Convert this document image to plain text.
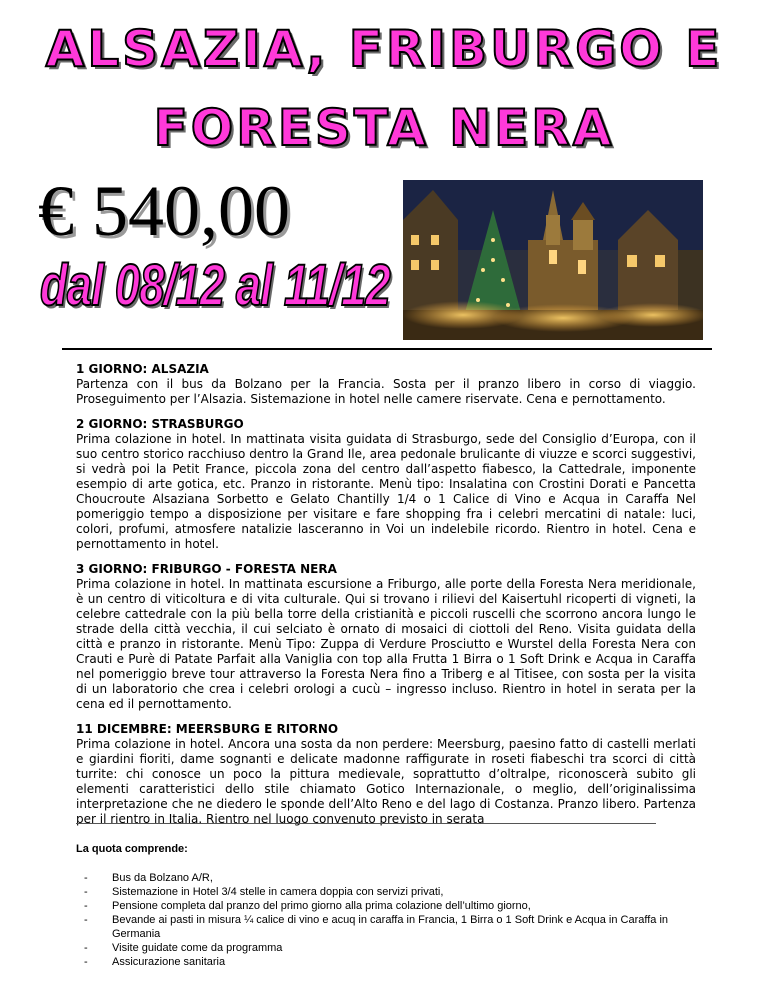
ALSAZIA, FRIBURGO E
FORESTA NERA
€ 540,00
dal 08/12 al 11/12
1 GIORNO: ALSAZIA

Partenza con il bus da Bolzano per la Francia. Sosta per il pranzo libero in corso di viaggio. Proseguimento per l’Alsazia. Sistemazione in hotel nelle camere riservate. Cena e pernottamento.

2 GIORNO: STRASBURGO

Prima colazione in hotel. In mattinata visita guidata di Strasburgo, sede del Consiglio d’Europa, con il suo centro storico racchiuso dentro la Grand Ile, area pedonale brulicante di viuzze e scorci suggestivi, si vedrà poi la Petit France, piccola zona del centro dall’aspetto fiabesco, la Cattedrale, imponente esempio di arte gotica, etc. Pranzo in ristorante. Menù tipo: Insalatina con Crostini Dorati e Pancetta Choucroute Alsaziana Sorbetto e Gelato Chantilly 1/4 o 1 Calice di Vino e Acqua in Caraffa Nel pomeriggio tempo a disposizione per visitare e fare shopping fra i celebri mercatini di natale: luci, colori, profumi, atmosfere natalizie lasceranno in Voi un indelebile ricordo. Rientro in hotel. Cena e pernottamento in hotel.

3 GIORNO: FRIBURGO - FORESTA NERA

Prima colazione in hotel. In mattinata escursione a Friburgo, alle porte della Foresta Nera meridionale, è un centro di viticoltura e di vita culturale. Qui si trovano i rilievi del Kaisertuhl ricoperti di vigneti, la celebre cattedrale con la più bella torre della cristianità e piccoli ruscelli che scorrono ancora lungo le strade della città vecchia, il cui selciato è ornato di mosaici di ciottoli del Reno. Visita guidata della città e pranzo in ristorante. Menù Tipo: Zuppa di Verdure Prosciutto e Wurstel della Foresta Nera con Crauti e Purè di Patate Parfait alla Vaniglia con top alla Frutta 1 Birra o 1 Soft Drink e Acqua in Caraffa nel pomeriggio breve tour attraverso la Foresta Nera fino a Triberg e al Titisee, con sosta per la visita di un laboratorio che crea i celebri orologi a cucù – ingresso incluso. Rientro in hotel in serata per la cena ed il pernottamento.

11 DICEMBRE: MEERSBURG E RITORNO

Prima colazione in hotel. Ancora una sosta da non perdere: Meersburg, paesino fatto di castelli merlati e giardini fioriti, dame sognanti e delicate madonne raffigurate in roseti fiabeschi tra scorci di città turrite: chi conosce un poco la pittura medievale, soprattutto d’oltralpe, riconoscerà subito gli elementi caratteristici dello stile chiamato Gotico Internazionale, o meglio, dell’originalissima interpretazione che ne diedero le sponde dell’Alto Reno e del lago di Costanza. Pranzo libero. Partenza per il rientro in Italia. Rientro nel luogo convenuto previsto in serata

La quota comprende:
- Bus da Bolzano A/R,
- Sistemazione in Hotel 3/4 stelle in camera doppia con servizi privati,
- Pensione completa dal pranzo del primo giorno alla prima colazione dell’ultimo giorno,
- Bevande ai pasti in misura ¼ calice di vino e acuq in caraffa in Francia, 1 Birra o 1 Soft Drink e Acqua in Caraffa in Germania
- Visite guidate come da programma
- Assicurazione sanitaria
